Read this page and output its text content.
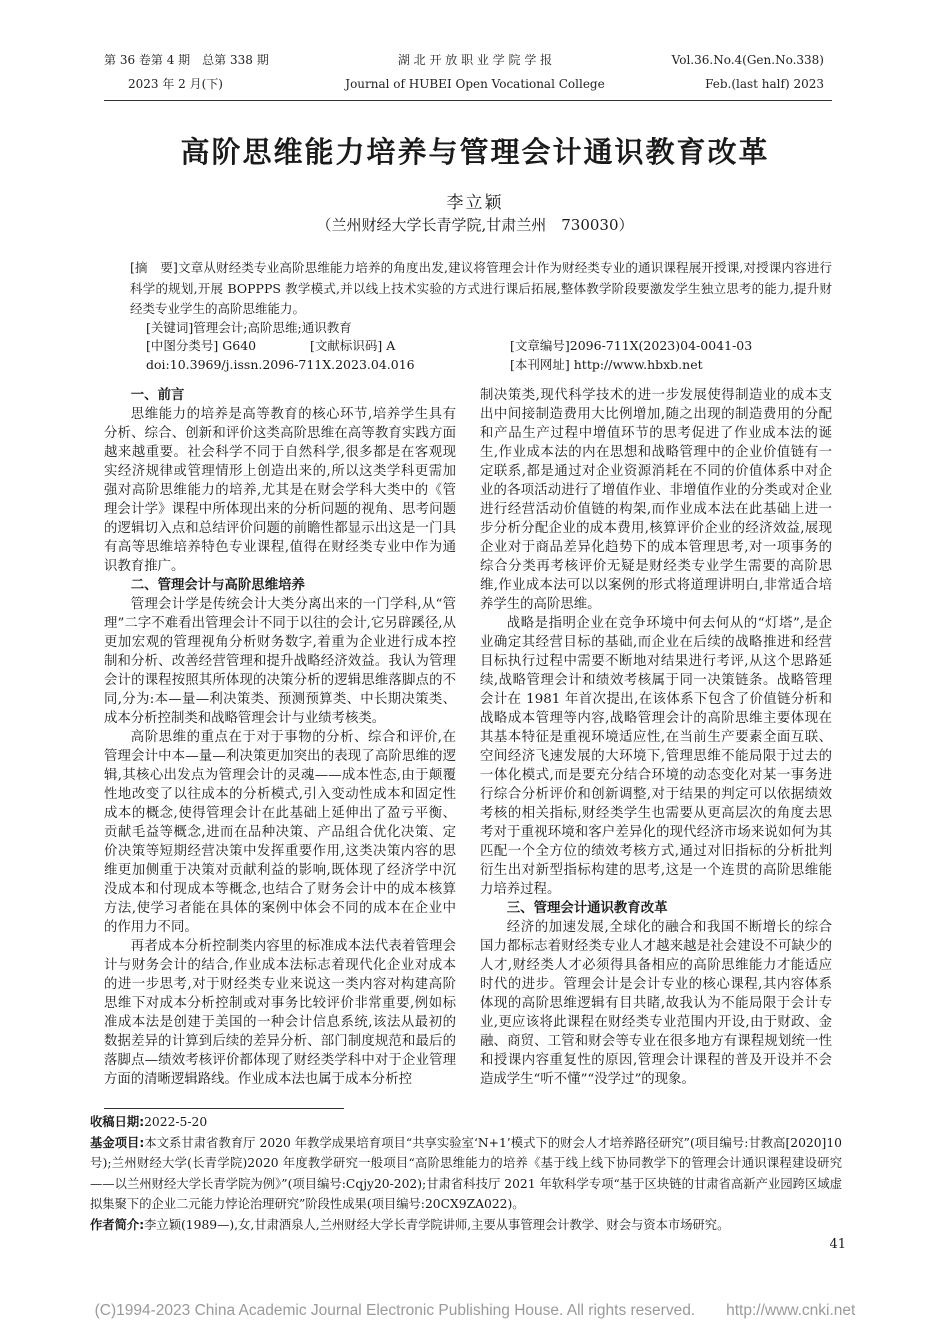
第 36 卷第 4 期　总第 338 期
2023 年 2 月(下)
湖 北 开 放 职 业 学 院 学 报
Journal of HUBEI Open Vocational College
Vol.36.No.4(Gen.No.338)
Feb.(last half) 2023
高阶思维能力培养与管理会计通识教育改革
李立颖
（兰州财经大学长青学院,甘肃兰州　730030）
[摘　要]文章从财经类专业高阶思维能力培养的角度出发,建议将管理会计作为财经类专业的通识课程展开授课,对授课内容进行科学的规划,开展 BOPPPS 教学模式,并以线上技术实验的方式进行课后拓展,整体教学阶段要激发学生独立思考的能力,提升财经类专业学生的高阶思维能力。
[关键词]管理会计;高阶思维;通识教育
[中图分类号] G640	[文献标识码] A	[文章编号]2096-711X(2023)04-0041-03
doi:10.3969/j.issn.2096-711X.2023.04.016	[本刊网址] http://www.hbxb.net
一、前言

思维能力的培养是高等教育的核心环节,培养学生具有分析、综合、创新和评价这类高阶思维在高等教育实践方面越来越重要。社会科学不同于自然科学,很多都是在客观现实经济规律或管理情形上创造出来的,所以这类学科更需加强对高阶思维能力的培养,尤其是在财会学科大类中的《管理会计学》课程中所体现出来的分析问题的视角、思考问题的逻辑切入点和总结评价问题的前瞻性都显示出这是一门具有高等思维培养特色专业课程,值得在财经类专业中作为通识教育推广。

二、管理会计与高阶思维培养

管理会计学是传统会计大类分离出来的一门学科,从“管理”二字不难看出管理会计不同于以往的会计,它另辟蹊径,从更加宏观的管理视角分析财务数字,着重为企业进行成本控制和分析、改善经营管理和提升战略经济效益。我认为管理会计的课程按照其所体现的决策分析的逻辑思维落脚点的不同,分为:本—量—利决策类、预测预算类、中长期决策类、成本分析控制类和战略管理会计与业绩考核类。

高阶思维的重点在于对于事物的分析、综合和评价,在管理会计中本—量—利决策更加突出的表现了高阶思维的逻辑,其核心出发点为管理会计的灵魂——成本性态,由于颠覆性地改变了以往成本的分析模式,引入变动性成本和固定性成本的概念,使得管理会计在此基础上延伸出了盈亏平衡、贡献毛益等概念,进而在品种决策、产品组合优化决策、定价决策等短期经营决策中发挥重要作用,这类决策内容的思维更加侧重于决策对贡献利益的影响,既体现了经济学中沉没成本和付现成本等概念,也结合了财务会计中的成本核算方法,使学习者能在具体的案例中体会不同的成本在企业中的作用力不同。

再者成本分析控制类内容里的标准成本法代表着管理会计与财务会计的结合,作业成本法标志着现代化企业对成本的进一步思考,对于财经类专业来说这一类内容对构建高阶思维下对成本分析控制或对事务比较评价非常重要,例如标准成本法是创建于美国的一种会计信息系统,该法从最初的数据差异的计算到后续的差异分析、部门制度规范和最后的落脚点—绩效考核评价都体现了财经类学科中对于企业管理方面的清晰逻辑路线。作业成本法也属于成本分析控

制决策类,现代科学技术的进一步发展使得制造业的成本支出中间接制造费用大比例增加,随之出现的制造费用的分配和产品生产过程中增值环节的思考促进了作业成本法的诞生,作业成本法的内在思想和战略管理中的企业价值链有一定联系,都是通过对企业资源消耗在不同的价值体系中对企业的各项活动进行了增值作业、非增值作业的分类或对企业进行经营活动价值链的构架,而作业成本法在此基础上进一步分析分配企业的成本费用,核算评价企业的经济效益,展现企业对于商品差异化趋势下的成本管理思考,对一项事务的综合分类再考核评价无疑是财经类专业学生需要的高阶思维,作业成本法可以以案例的形式将道理讲明白,非常适合培养学生的高阶思维。

战略是指明企业在竞争环境中何去何从的“灯塔”,是企业确定其经营目标的基础,而企业在后续的战略推进和经营目标执行过程中需要不断地对结果进行考评,从这个思路延续,战略管理会计和绩效考核属于同一决策链条。战略管理会计在 1981 年首次提出,在该体系下包含了价值链分析和战略成本管理等内容,战略管理会计的高阶思维主要体现在其基本特征是重视环境适应性,在当前生产要素全面互联、空间经济飞速发展的大环境下,管理思维不能局限于过去的一体化模式,而是要充分结合环境的动态变化对某一事务进行综合分析评价和创新调整,对于结果的判定可以依据绩效考核的相关指标,财经类学生也需要从更高层次的角度去思考对于重视环境和客户差异化的现代经济市场来说如何为其匹配一个全方位的绩效考核方式,通过对旧指标的分析批判衍生出对新型指标构建的思考,这是一个连贯的高阶思维能力培养过程。

三、管理会计通识教育改革

经济的加速发展,全球化的融合和我国不断增长的综合国力都标志着财经类专业人才越来越是社会建设不可缺少的人才,财经类人才必须得具备相应的高阶思维能力才能适应时代的进步。管理会计是会计专业的核心课程,其内容体系体现的高阶思维逻辑有目共睹,故我认为不能局限于会计专业,更应该将此课程在财经类专业范围内开设,由于财政、金融、商贸、工管和财会等专业在很多地方有课程规划统一性和授课内容重复性的原因,管理会计课程的普及开设并不会造成学生“听不懂”“没学过”的现象。

收稿日期:2022-5-20
基金项目:本文系甘肃省教育厅 2020 年教学成果培育项目“共享实验室‘N+1’模式下的财会人才培养路径研究”(项目编号:甘教高[2020]10 号);兰州财经大学(长青学院)2020 年度教学研究一般项目“高阶思维能力的培养《基于线上线下协同教学下的管理会计通识课程建设研究——以兰州财经大学长青学院为例》”(项目编号:Cqjy20-202);甘肃省科技厅 2021 年软科学专项“基于区块链的甘肃省高新产业园跨区域虚拟集聚下的企业二元能力悖论治理研究”阶段性成果(项目编号:20CX9ZA022)。
作者简介:李立颖(1989—),女,甘肃酒泉人,兰州财经大学长青学院讲师,主要从事管理会计教学、财会与资本市场研究。
41
(C)1994-2023 China Academic Journal Electronic Publishing House. All rights reserved.　　http://www.cnki.net
